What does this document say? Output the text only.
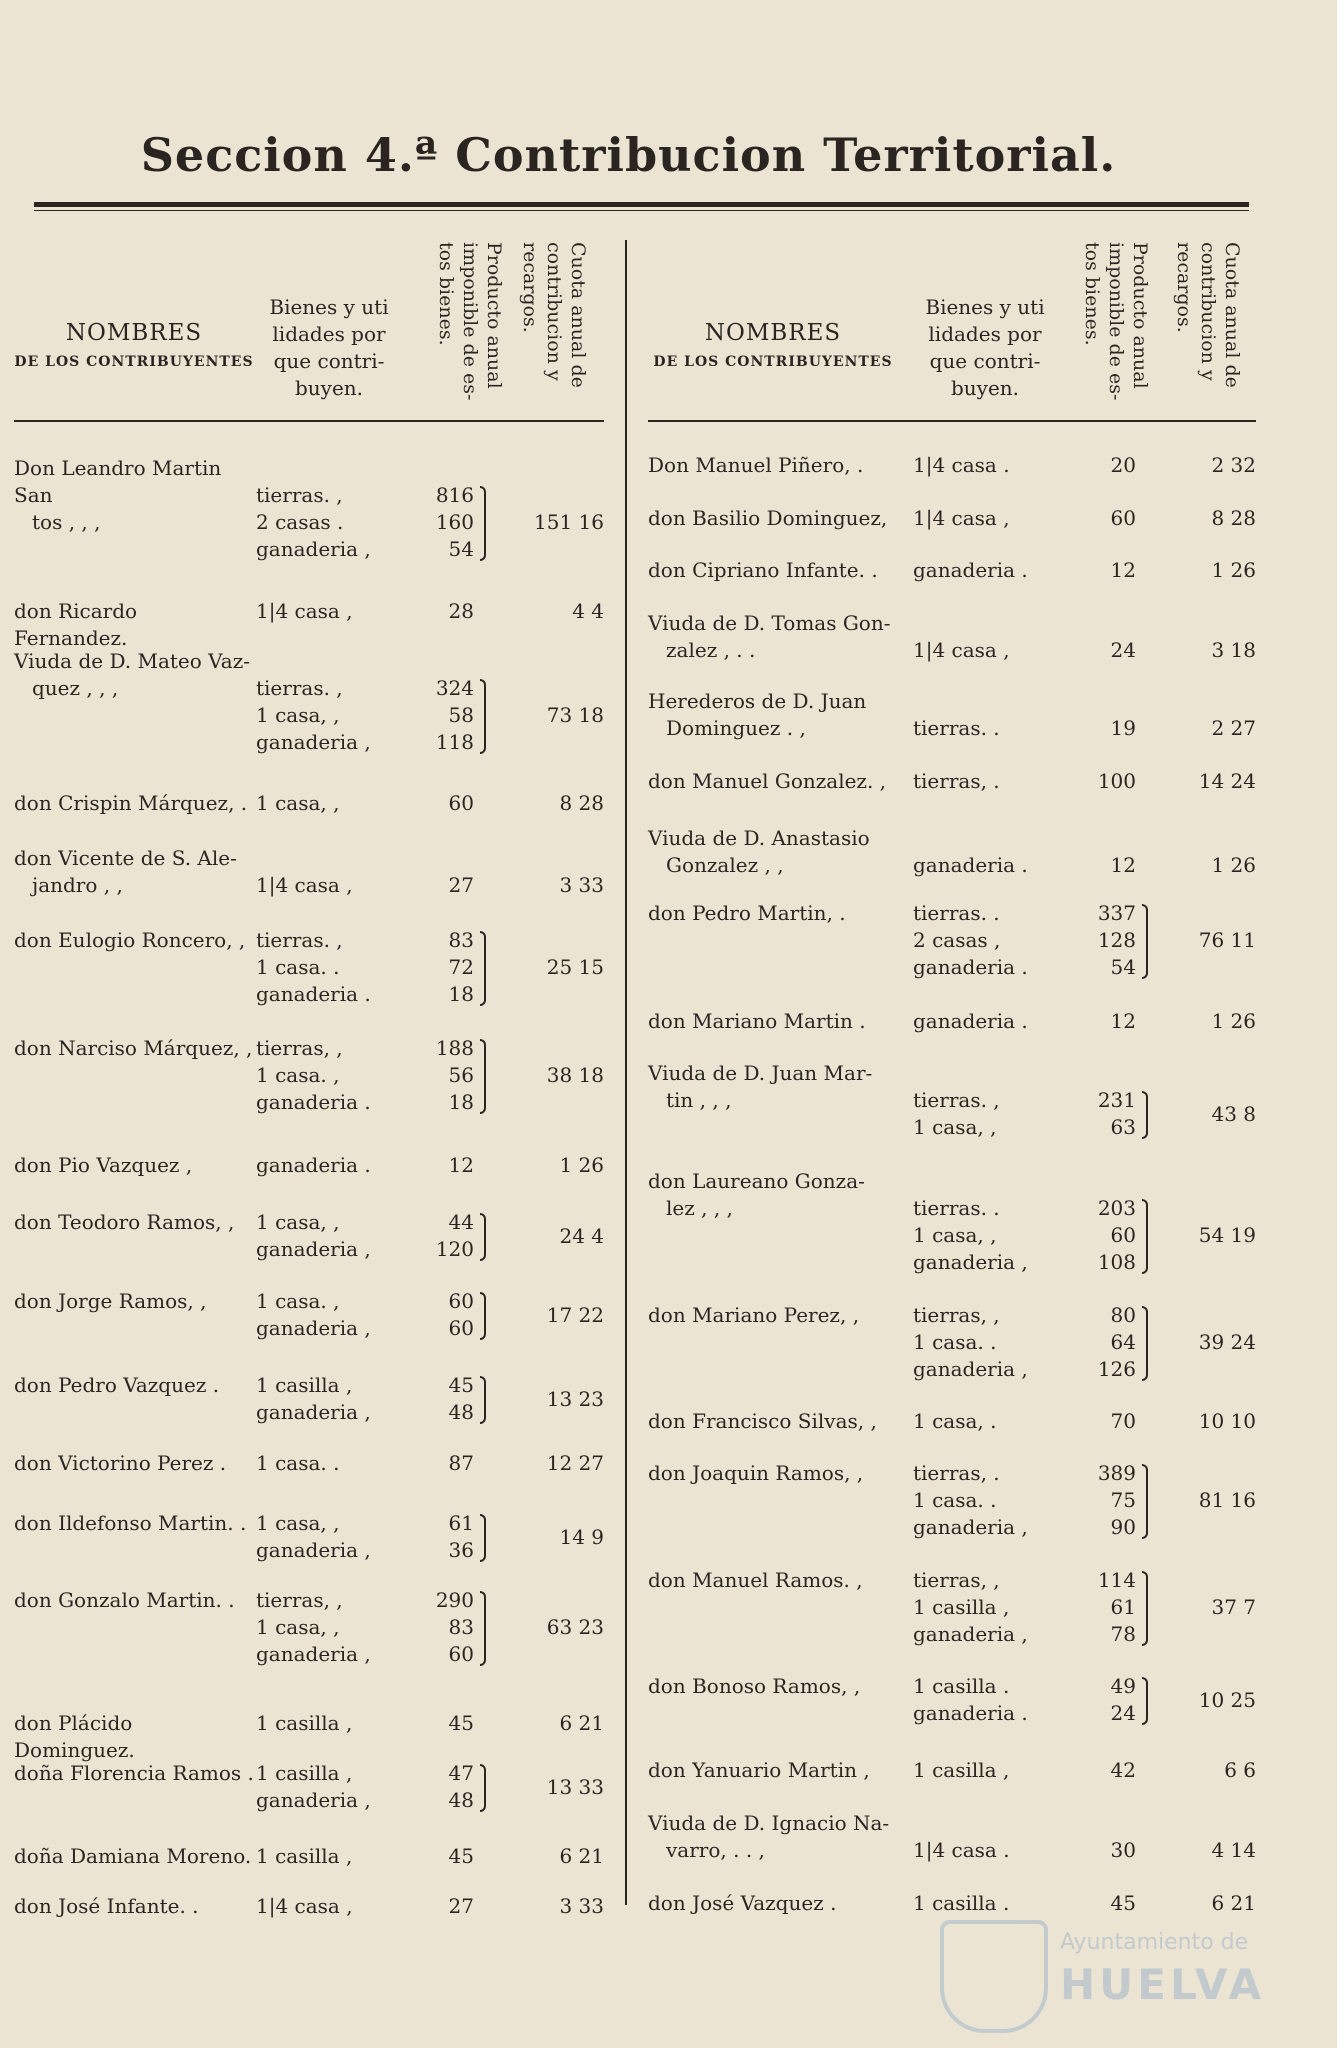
Seccion 4.ª Contribucion Territorial.
NOMBRES
DE LOS CONTRIBUYENTES
Bienes y uti
lidades por
que contri-
buyen.	Producto anual imponible de es- tos bienes.	Cuota anual de contribucion y recargos.
Don Leandro Martin San
tos , , ,
tierras. ,	816
2 casas .	160
ganaderia ,	54
151 16
don Ricardo Fernandez.
1|4 casa ,	28	4 4
Viuda de D. Mateo Vaz-
quez , , ,	tierras. ,	324
1 casa, ,	58
ganaderia ,	118
73 18
don Crispin Márquez, . 1 casa, ,	60	8 28
don Vicente de S. Ale-
jandro , ,	1|4 casa ,	27	3 33
don Eulogio Roncero, , tierras. ,	83
1 casa. .	72
ganaderia .	18
25 15
don Narciso Márquez, , tierras, ,	188
1 casa. ,	56
ganaderia .	18
38 18
don Pio Vazquez ,	ganaderia .	12	1 26
don Teodoro Ramos, ,	1 casa, ,	44
ganaderia ,	120
24 4
don Jorge Ramos, ,	1 casa. ,	60
ganaderia ,	60
17 22
don Pedro Vazquez .	1 casilla ,	45
ganaderia ,	48
13 23
don Victorino Perez .	1 casa. .	87	12 27
don Ildefonso Martin. . 1 casa, ,	61
ganaderia ,	36
14 9
don Gonzalo Martin. .	tierras, ,	290
1 casa, ,	83
ganaderia ,	60
63 23
don Plácido Dominguez.
1 casilla ,	45	6 21
doña Florencia Ramos . 1 casilla ,	47
ganaderia ,	48
13 33
doña Damiana Moreno. 1 casilla ,	45	6 21
don José Infante. .	1|4 casa ,	27	3 33
NOMBRES
DE LOS CONTRIBUYENTES
Bienes y uti
lidades por
que contri-
buyen.	Producto anual imponible de es- tos bienes.	Cuota anual de contribucion y recargos.
Don Manuel Piñero, .	1|4 casa .	20	2 32
don Basilio Dominguez,	1|4 casa ,	60	8 28
don Cipriano Infante. .	ganaderia .	12	1 26
Viuda de D. Tomas Gon-
zalez , . .	1|4 casa ,	24	3 18
Herederos de D. Juan
Dominguez . ,	tierras. .	19	2 27
don Manuel Gonzalez. ,	tierras, .	100	14 24
Viuda de D. Anastasio
Gonzalez , ,	ganaderia .	12	1 26
don Pedro Martin, .	tierras. .	337
2 casas ,	128
ganaderia .	54
76 11
don Mariano Martin .	ganaderia .	12	1 26
Viuda de D. Juan Mar-
tin , , ,	tierras. ,	231
1 casa, ,	63
43 8
don Laureano Gonza-
lez , , ,	tierras. .	203
1 casa, ,	60
ganaderia ,	108
54 19
don Mariano Perez, ,	tierras, ,	80
1 casa. .	64
ganaderia ,	126
39 24
don Francisco Silvas, ,	1 casa, .	70	10 10
don Joaquin Ramos, ,	tierras, .	389
1 casa. .	75
ganaderia ,	90
81 16
don Manuel Ramos. ,	tierras, ,	114
1 casilla ,	61
ganaderia ,	78
37 7
don Bonoso Ramos, ,	1 casilla .	49
ganaderia .	24
10 25
don Yanuario Martin ,	1 casilla ,	42	6 6
Viuda de D. Ignacio Na-
varro, . . ,	1|4 casa .	30	4 14
don José Vazquez .	1 casilla .	45	6 21
Ayuntamiento de
HUELVA
